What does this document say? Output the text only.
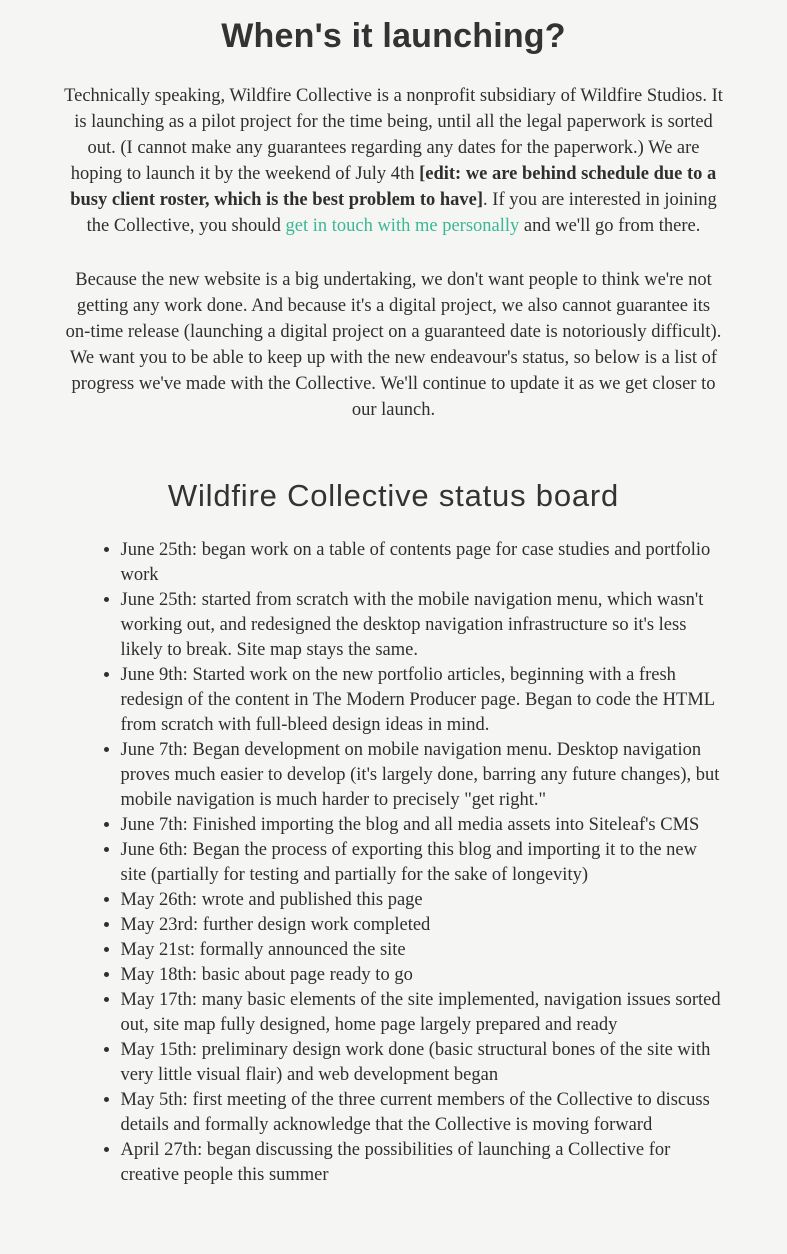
When's it launching?

Technically speaking, Wildfire Collective is a nonprofit subsidiary of Wildfire Studios. It is launching as a pilot project for the time being, until all the legal paperwork is sorted out. (I cannot make any guarantees regarding any dates for the paperwork.) We are hoping to launch it by the weekend of July 4th [edit: we are behind schedule due to a busy client roster, which is the best problem to have]. If you are interested in joining the Collective, you should get in touch with me personally and we'll go from there.

Because the new website is a big undertaking, we don't want people to think we're not getting any work done. And because it's a digital project, we also cannot guarantee its on-time release (launching a digital project on a guaranteed date is notoriously difficult). We want you to be able to keep up with the new endeavour's status, so below is a list of progress we've made with the Collective. We'll continue to update it as we get closer to our launch.

Wildfire Collective status board
• June 25th: began work on a table of contents page for case studies and portfolio work
• June 25th: started from scratch with the mobile navigation menu, which wasn't working out, and redesigned the desktop navigation infrastructure so it's less likely to break. Site map stays the same.
• June 9th: Started work on the new portfolio articles, beginning with a fresh redesign of the content in The Modern Producer page. Began to code the HTML from scratch with full-bleed design ideas in mind.
• June 7th: Began development on mobile navigation menu. Desktop navigation proves much easier to develop (it's largely done, barring any future changes), but mobile navigation is much harder to precisely "get right."
• June 7th: Finished importing the blog and all media assets into Siteleaf's CMS
• June 6th: Began the process of exporting this blog and importing it to the new site (partially for testing and partially for the sake of longevity)
• May 26th: wrote and published this page
• May 23rd: further design work completed
• May 21st: formally announced the site
• May 18th: basic about page ready to go
• May 17th: many basic elements of the site implemented, navigation issues sorted out, site map fully designed, home page largely prepared and ready
• May 15th: preliminary design work done (basic structural bones of the site with very little visual flair) and web development began
• May 5th: first meeting of the three current members of the Collective to discuss details and formally acknowledge that the Collective is moving forward
• April 27th: began discussing the possibilities of launching a Collective for creative people this summer
